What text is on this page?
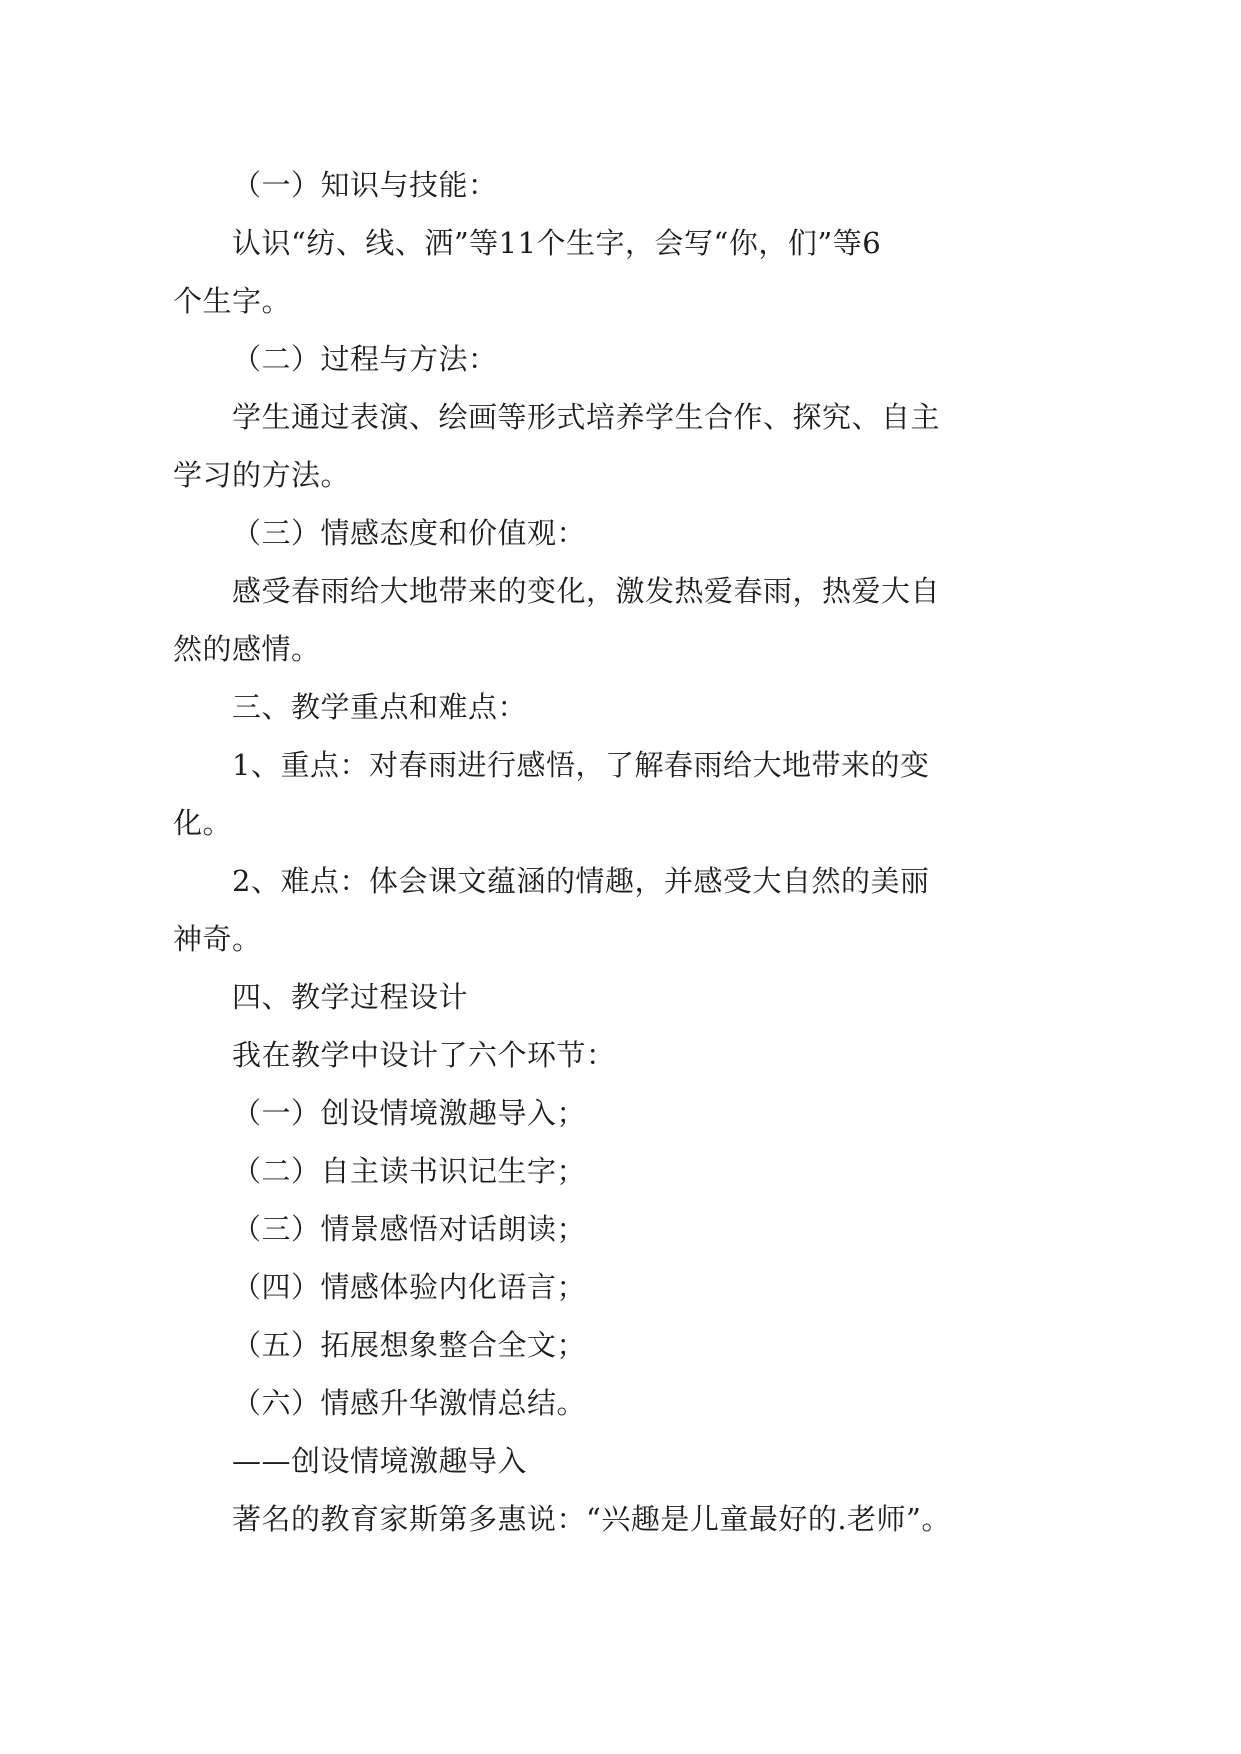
（一）知识与技能：
认识“纺、线、洒”等11个生字，会写“你，们”等6
个生字。
（二）过程与方法：
学生通过表演、绘画等形式培养学生合作、探究、自主
学习的方法。
（三）情感态度和价值观：
感受春雨给大地带来的变化，激发热爱春雨，热爱大自
然的感情。
三、教学重点和难点：
1、重点：对春雨进行感悟，了解春雨给大地带来的变
化。
2、难点：体会课文蕴涵的情趣，并感受大自然的美丽
神奇。
四、教学过程设计
我在教学中设计了六个环节：
（一）创设情境激趣导入；
（二）自主读书识记生字；
（三）情景感悟对话朗读；
（四）情感体验内化语言；
（五）拓展想象整合全文；
（六）情感升华激情总结。
——创设情境激趣导入
著名的教育家斯第多惠说：“兴趣是儿童最好的.老师”。
